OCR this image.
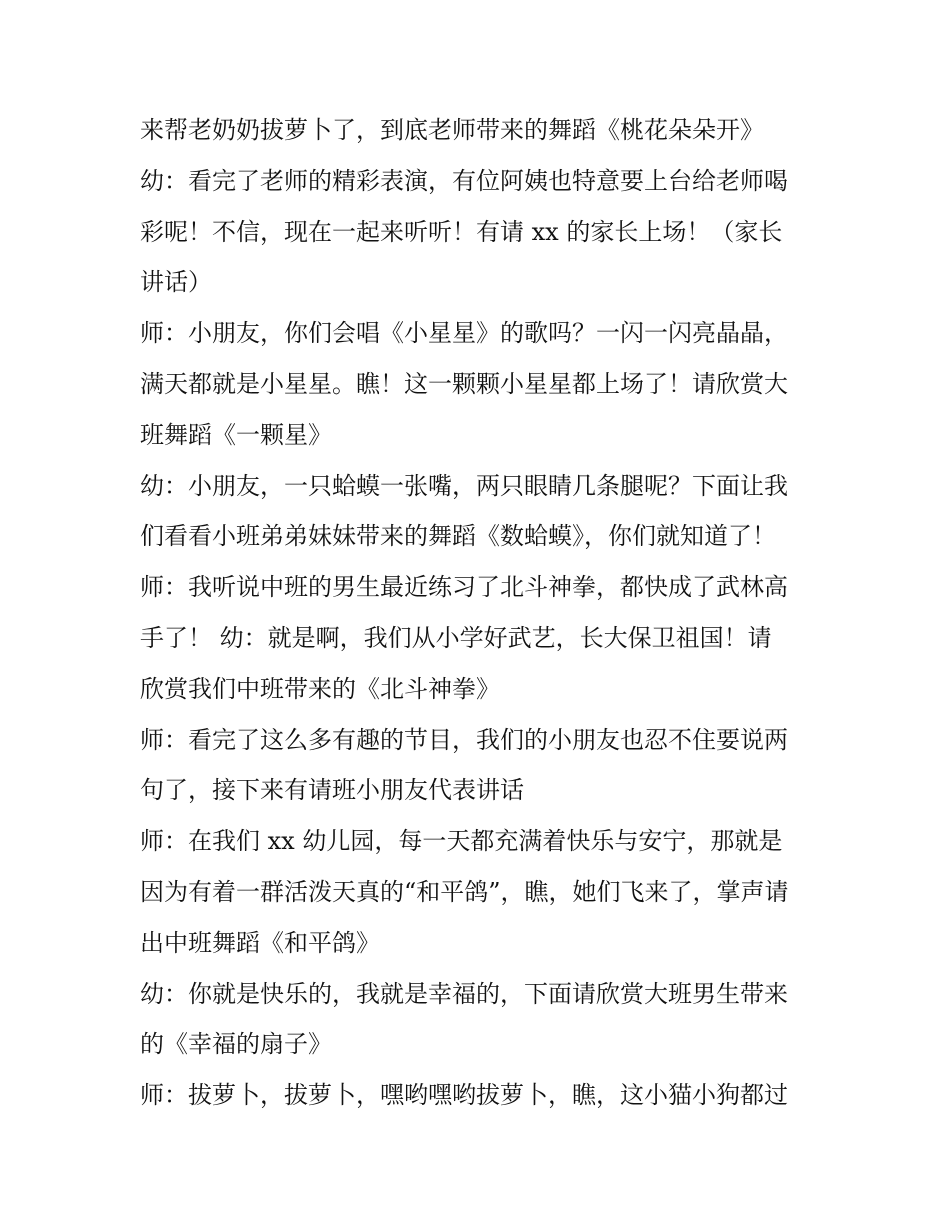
来帮老奶奶拔萝卜了，到底老师带来的舞蹈《桃花朵朵开》
幼：看完了老师的精彩表演，有位阿姨也特意要上台给老师喝
彩呢！不信，现在一起来听听！有请 xx 的家长上场！（家长
讲话）
师：小朋友，你们会唱《小星星》的歌吗？一闪一闪亮晶晶，
满天都就是小星星。瞧！这一颗颗小星星都上场了！请欣赏大
班舞蹈《一颗星》
幼：小朋友，一只蛤蟆一张嘴，两只眼睛几条腿呢？下面让我
们看看小班弟弟妹妹带来的舞蹈《数蛤蟆》，你们就知道了！
师：我听说中班的男生最近练习了北斗神拳，都快成了武林高
手了！ 幼：就是啊，我们从小学好武艺，长大保卫祖国！请
欣赏我们中班带来的《北斗神拳》
师：看完了这么多有趣的节目，我们的小朋友也忍不住要说两
句了，接下来有请班小朋友代表讲话
师：在我们 xx 幼儿园，每一天都充满着快乐与安宁，那就是
因为有着一群活泼天真的“和平鸽”，瞧，她们飞来了，掌声请
出中班舞蹈《和平鸽》
幼：你就是快乐的，我就是幸福的，下面请欣赏大班男生带来
的《幸福的扇子》
师：拔萝卜，拔萝卜，嘿哟嘿哟拔萝卜，瞧，这小猫小狗都过
